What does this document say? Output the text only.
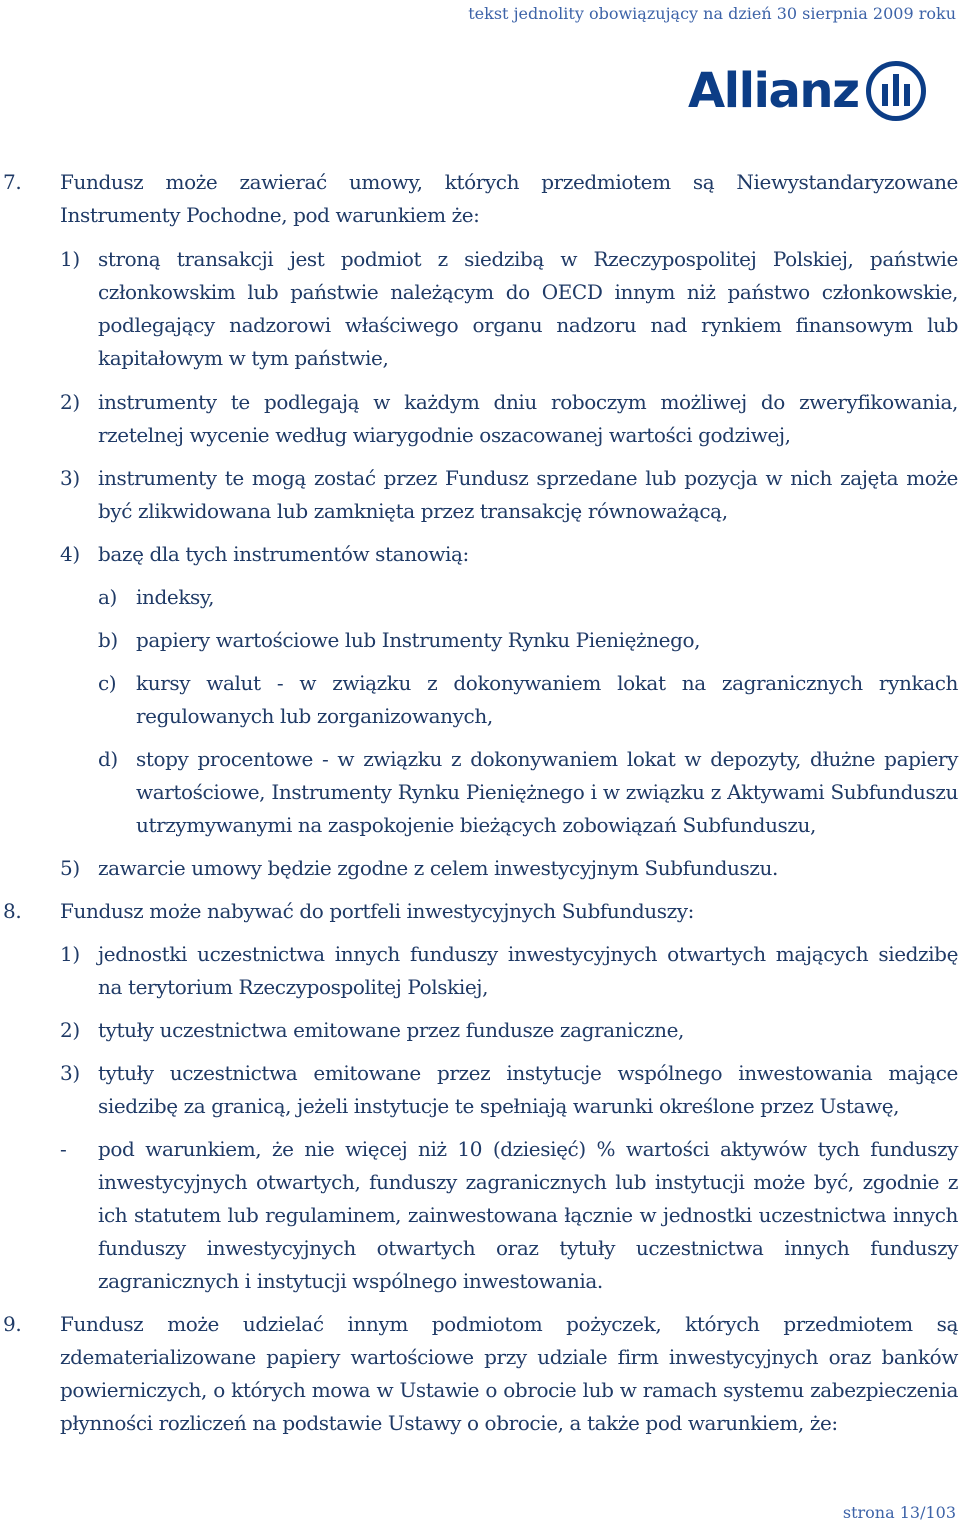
tekst jednolity obowiązujący na dzień 30 sierpnia 2009 roku
Allianz
7.	Fundusz może zawierać umowy, których przedmiotem są Niewystandaryzowane Instrumenty Pochodne, pod warunkiem że:
1) stroną transakcji jest podmiot z siedzibą w Rzeczypospolitej Polskiej, państwie członkowskim lub państwie należącym do OECD innym niż państwo członkowskie, podlegający nadzorowi właściwego organu nadzoru nad rynkiem finansowym lub kapitałowym w tym państwie,
2) instrumenty te podlegają w każdym dniu roboczym możliwej do zweryfikowania, rzetelnej wycenie według wiarygodnie oszacowanej wartości godziwej,
3) instrumenty te mogą zostać przez Fundusz sprzedane lub pozycja w nich zajęta może być zlikwidowana lub zamknięta przez transakcję równoważącą,
4) bazę dla tych instrumentów stanowią:
a) indeksy,
b) papiery wartościowe lub Instrumenty Rynku Pieniężnego,
c) kursy walut - w związku z dokonywaniem lokat na zagranicznych rynkach regulowanych lub zorganizowanych,
d) stopy procentowe - w związku z dokonywaniem lokat w depozyty, dłużne papiery wartościowe, Instrumenty Rynku Pieniężnego i w związku z Aktywami Subfunduszu utrzymywanymi na zaspokojenie bieżących zobowiązań Subfunduszu,
5) zawarcie umowy będzie zgodne z celem inwestycyjnym Subfunduszu.
8.	Fundusz może nabywać do portfeli inwestycyjnych Subfunduszy:
1) jednostki uczestnictwa innych funduszy inwestycyjnych otwartych mających siedzibę na terytorium Rzeczypospolitej Polskiej,
2) tytuły uczestnictwa emitowane przez fundusze zagraniczne,
3) tytuły uczestnictwa emitowane przez instytucje wspólnego inwestowania mające siedzibę za granicą, jeżeli instytucje te spełniają warunki określone przez Ustawę,
-	pod warunkiem, że nie więcej niż 10 (dziesięć) % wartości aktywów tych funduszy inwestycyjnych otwartych, funduszy zagranicznych lub instytucji może być, zgodnie z ich statutem lub regulaminem, zainwestowana łącznie w jednostki uczestnictwa innych funduszy inwestycyjnych otwartych oraz tytuły uczestnictwa innych funduszy zagranicznych i instytucji wspólnego inwestowania.
9.	Fundusz może udzielać innym podmiotom pożyczek, których przedmiotem są zdematerializowane papiery wartościowe przy udziale firm inwestycyjnych oraz banków powierniczych, o których mowa w Ustawie o obrocie lub w ramach systemu zabezpieczenia płynności rozliczeń na podstawie Ustawy o obrocie, a także pod warunkiem, że:
strona 13/103
